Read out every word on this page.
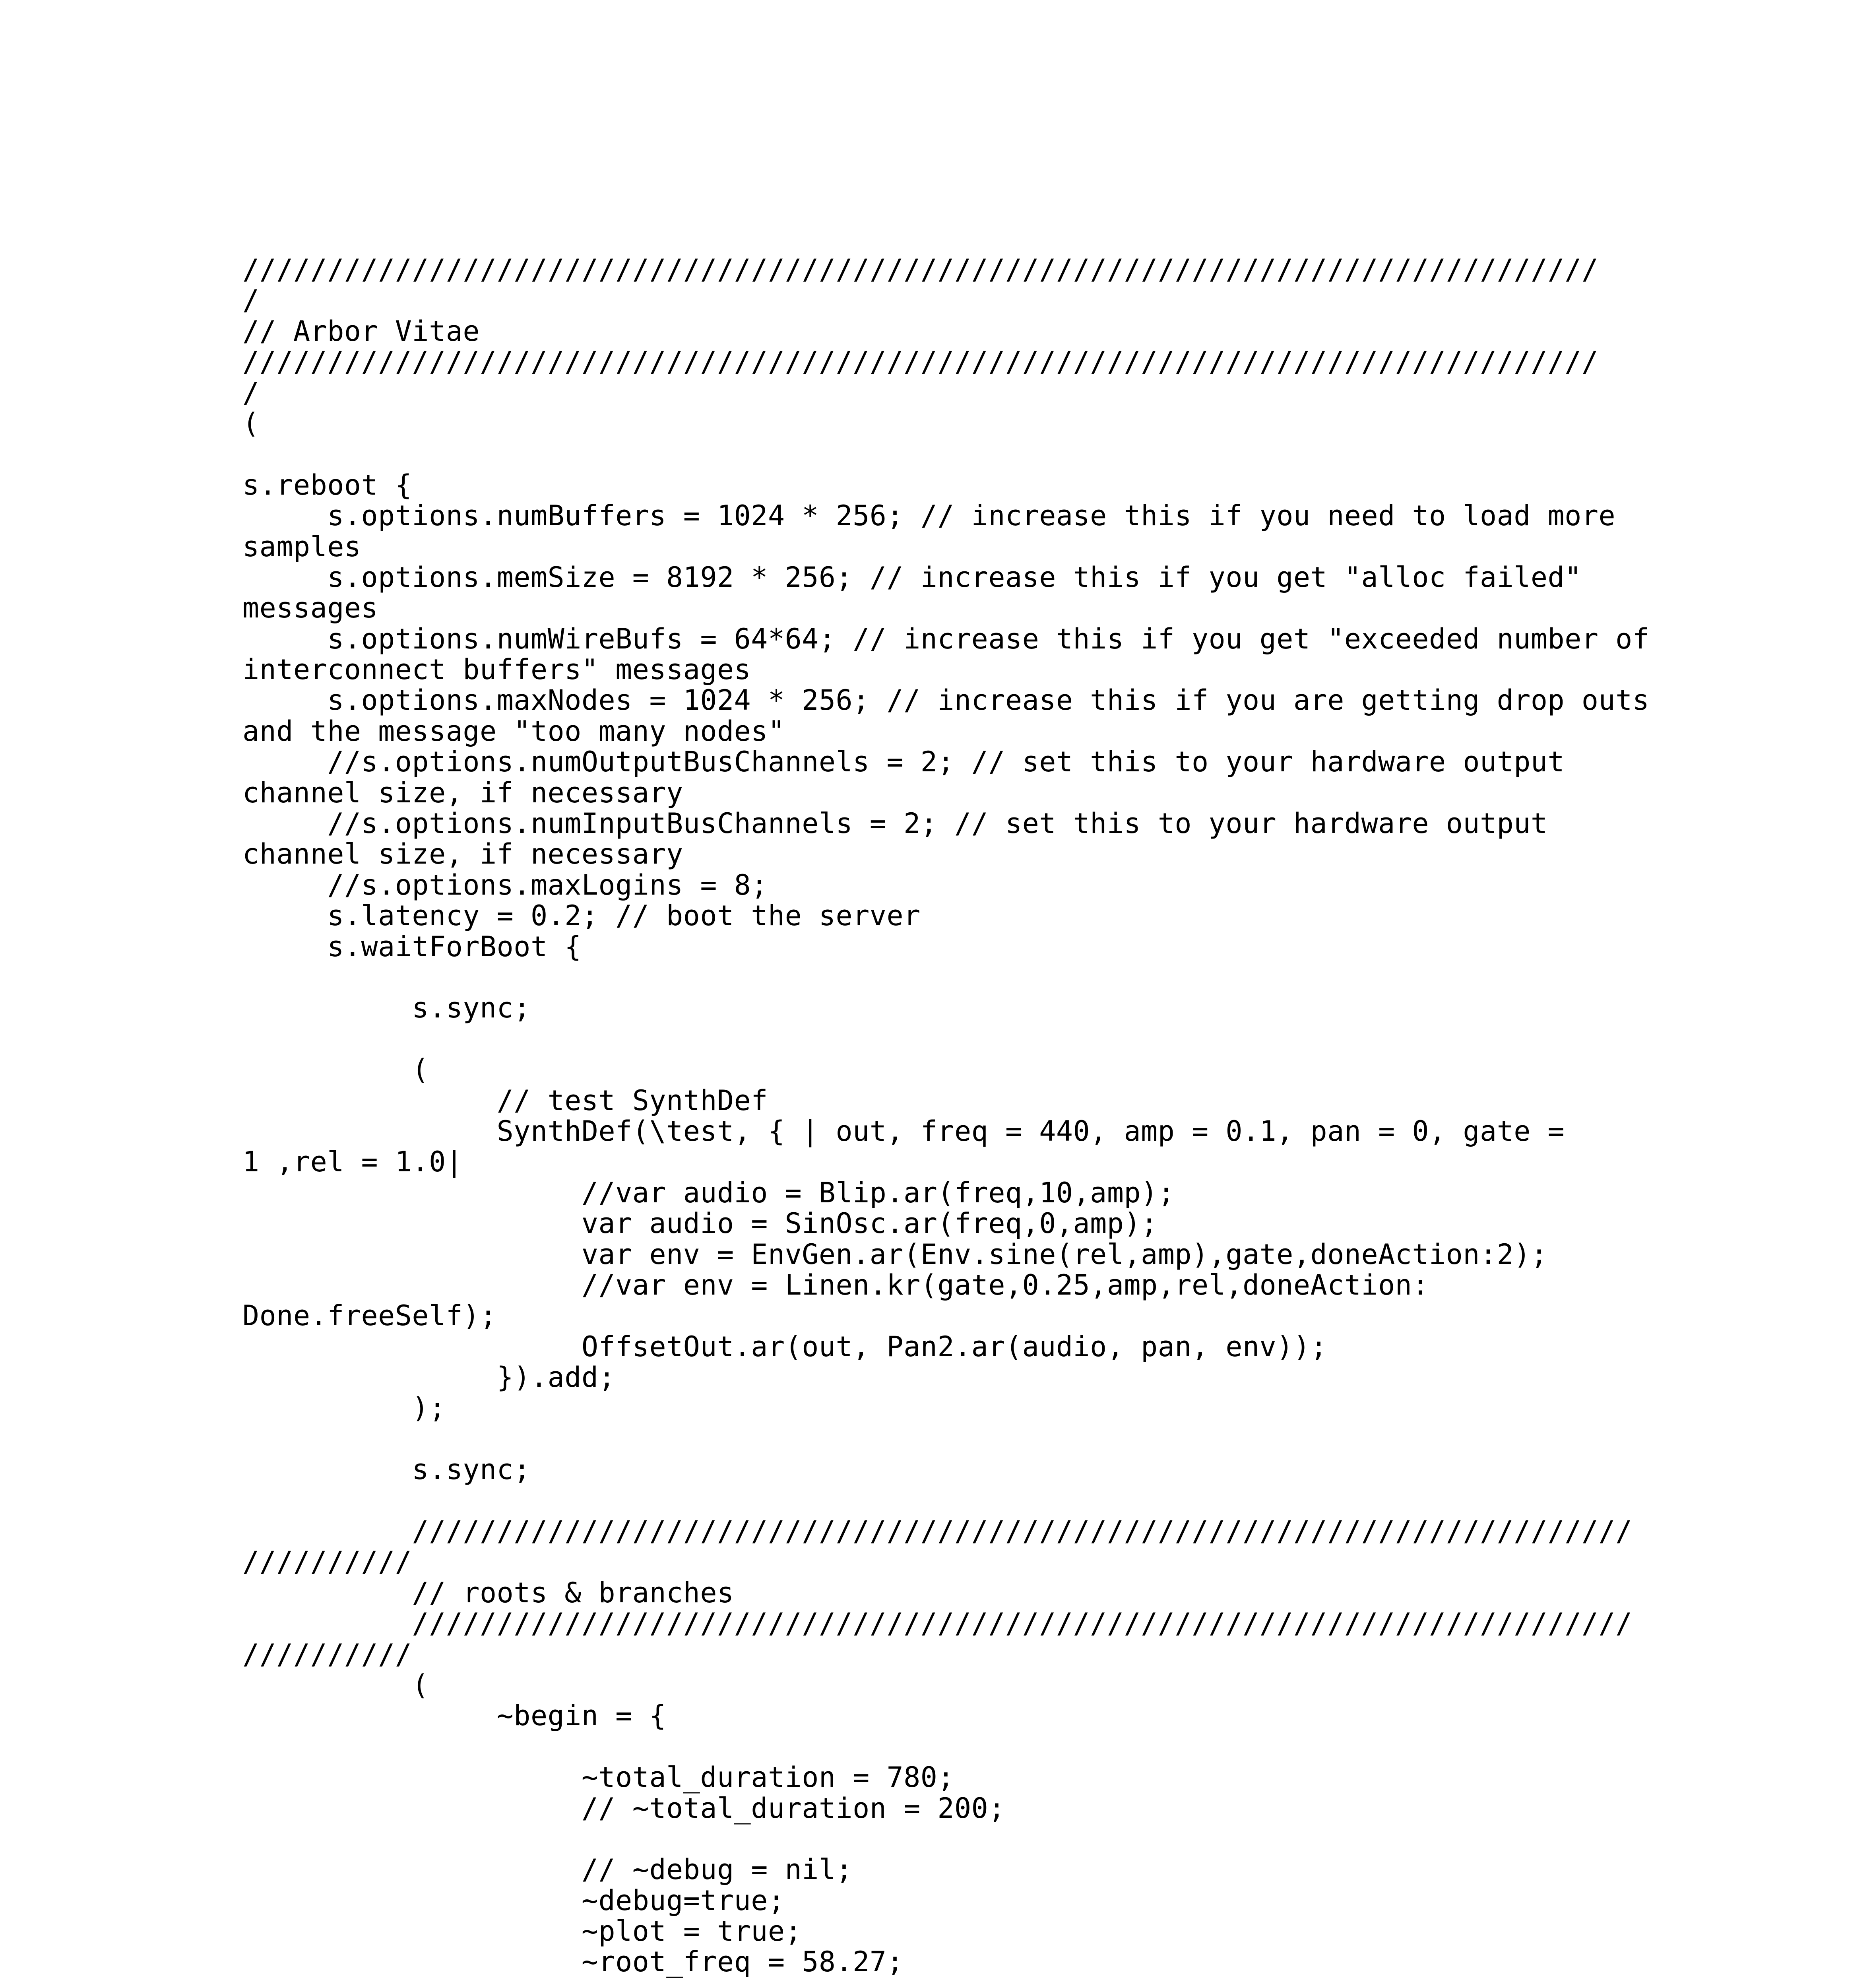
////////////////////////////////////////////////////////////////////////////////
/
// Arbor Vitae
////////////////////////////////////////////////////////////////////////////////
/
(
s.reboot {
s.options.numBuffers = 1024 * 256; // increase this if you need to load more
samples
s.options.memSize = 8192 * 256; // increase this if you get "alloc failed"
messages
s.options.numWireBufs = 64*64; // increase this if you get "exceeded number of
interconnect buffers" messages
s.options.maxNodes = 1024 * 256; // increase this if you are getting drop outs
and the message "too many nodes"
//s.options.numOutputBusChannels = 2; // set this to your hardware output
channel size, if necessary
//s.options.numInputBusChannels = 2; // set this to your hardware output
channel size, if necessary
//s.options.maxLogins = 8;
s.latency = 0.2; // boot the server
s.waitForBoot {
s.sync;
(
// test SynthDef
SynthDef(\test, { | out, freq = 440, amp = 0.1, pan = 0, gate =
1 ,rel = 1.0|
//var audio = Blip.ar(freq,10,amp);
var audio = SinOsc.ar(freq,0,amp);
var env = EnvGen.ar(Env.sine(rel,amp),gate,doneAction:2);
//var env = Linen.kr(gate,0.25,amp,rel,doneAction:
Done.freeSelf);
OffsetOut.ar(out, Pan2.ar(audio, pan, env));
}).add;
);
s.sync;
////////////////////////////////////////////////////////////////////////
//////////
// roots & branches
////////////////////////////////////////////////////////////////////////
//////////
(
~begin = {
~total_duration = 780;
// ~total_duration = 200;
// ~debug = nil;
~debug=true;
~plot = true;
~root_freq = 58.27;
